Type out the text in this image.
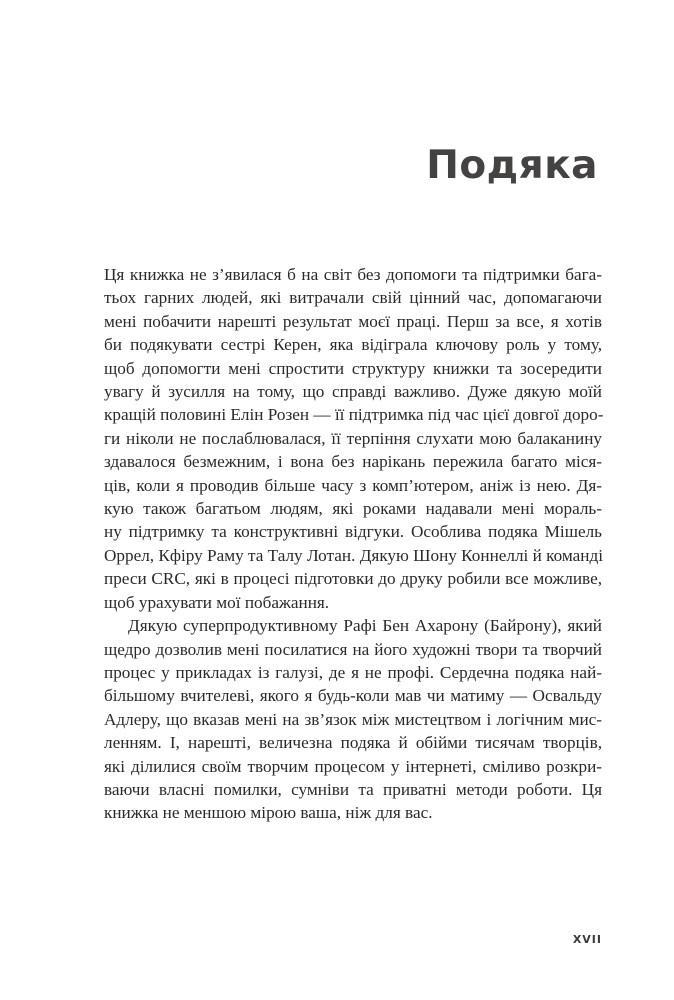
Подяка

Ця книжка не з’явилася б на світ без допомоги та підтримки бага-
тьох гарних людей, які витрачали свій цінний час, допомагаючи
мені побачити нарешті результат моєї праці. Перш за все, я хотів
би подякувати сестрі Керен, яка відіграла ключову роль у тому,
щоб допомогти мені спростити структуру книжки та зосередити
увагу й зусилля на тому, що справді важливо. Дуже дякую моїй
кращій половині Елін Розен — її підтримка під час цієї довгої доро-
ги ніколи не послаблювалася, її терпіння слухати мою балаканину
здавалося безмежним, і вона без нарікань пережила багато міся-
ців, коли я проводив більше часу з комп’ютером, аніж із нею. Дя-
кую також багатьом людям, які роками надавали мені мораль-
ну підтримку та конструктивні відгуки. Особлива подяка Мішель
Оррел, Кфіру Раму та Талу Лотан. Дякую Шону Коннеллі й команді
преси CRC, які в процесі підготовки до друку робили все можливе,
щоб урахувати мої побажання.

Дякую суперпродуктивному Рафі Бен Ахарону (Байрону), який
щедро дозволив мені посилатися на його художні твори та творчий
процес у прикладах із галузі, де я не профі. Сердечна подяка най-
більшому вчителеві, якого я будь-коли мав чи матиму — Освальду
Адлеру, що вказав мені на зв’язок між мистецтвом і логічним мис-
ленням. І, нарешті, величезна подяка й обійми тисячам творців,
які ділилися своїм творчим процесом у інтернеті, сміливо розкри-
ваючи власні помилки, сумніви та приватні методи роботи. Ця
книжка не меншою мірою ваша, ніж для вас.

XVII
